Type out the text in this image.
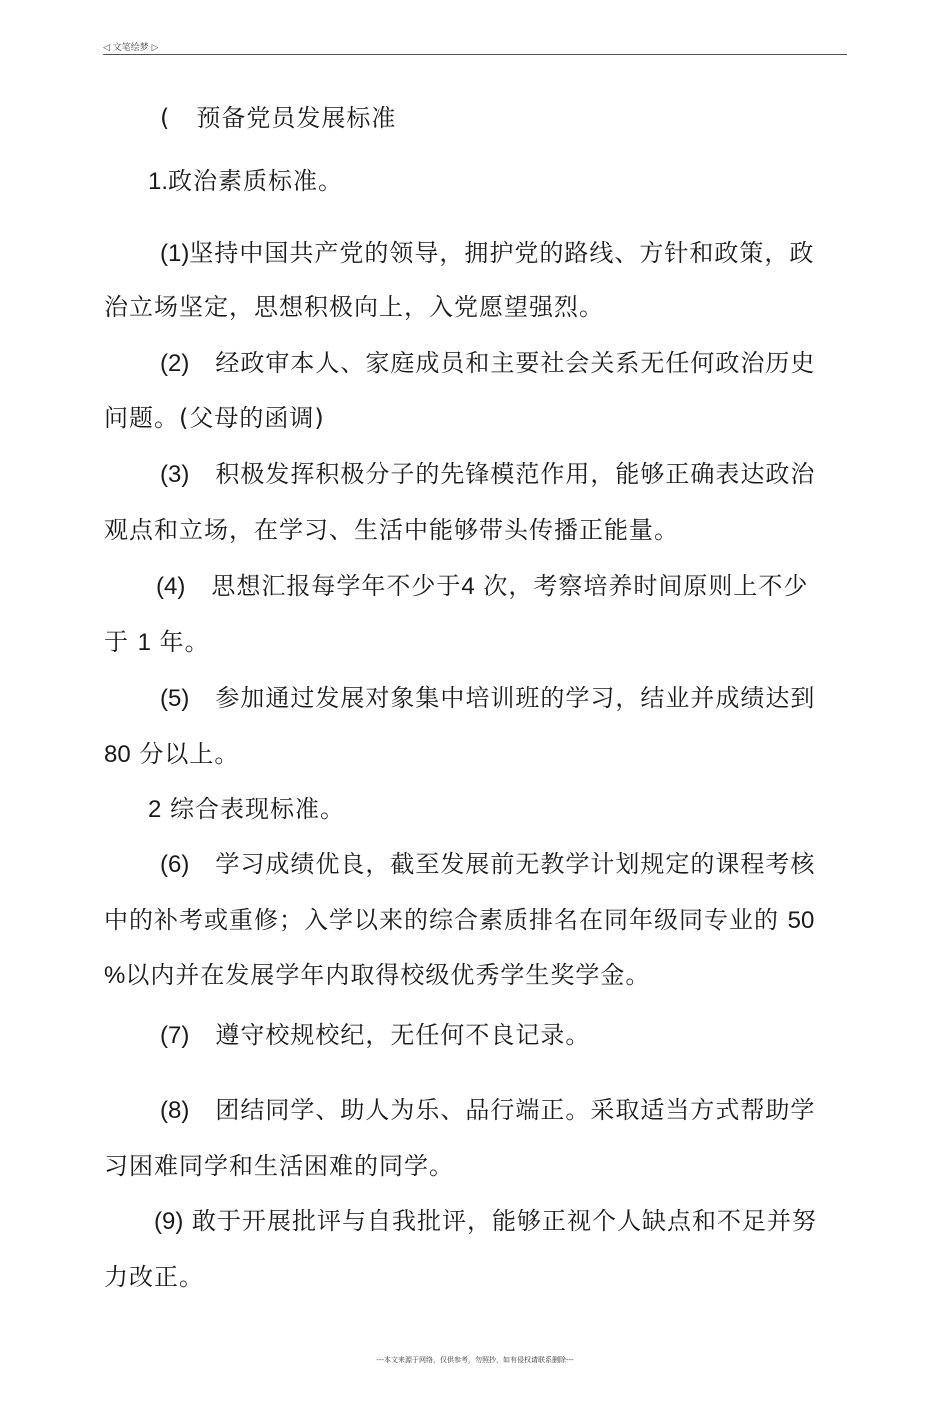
◁ 文笔绘梦 ▷
( 预备党员发展标准
1.政治素质标准。
(1)坚持中国共产党的领导，拥护党的路线、方针和政策，政
治立场坚定，思想积极向上，入党愿望强烈。
(2) 经政审本人、家庭成员和主要社会关系无任何政治历史
问题。(父母的函调)
(3) 积极发挥积极分子的先锋模范作用，能够正确表达政治
观点和立场，在学习、生活中能够带头传播正能量。
(4) 思想汇报每学年不少于4 次，考察培养时间原则上不少
于 1 年。
(5) 参加通过发展对象集中培训班的学习，结业并成绩达到
80 分以上。
2 综合表现标准。
(6) 学习成绩优良，截至发展前无教学计划规定的课程考核
中的补考或重修；入学以来的综合素质排名在同年级同专业的 50
%以内并在发展学年内取得校级优秀学生奖学金。
(7) 遵守校规校纪，无任何不良记录。
(8) 团结同学、助人为乐、品行端正。采取适当方式帮助学
习困难同学和生活困难的同学。
(9) 敢于开展批评与自我批评，能够正视个人缺点和不足并努
力改正。
---本文来源于网络，仅供参考，勿照抄，如有侵权请联系删除---
